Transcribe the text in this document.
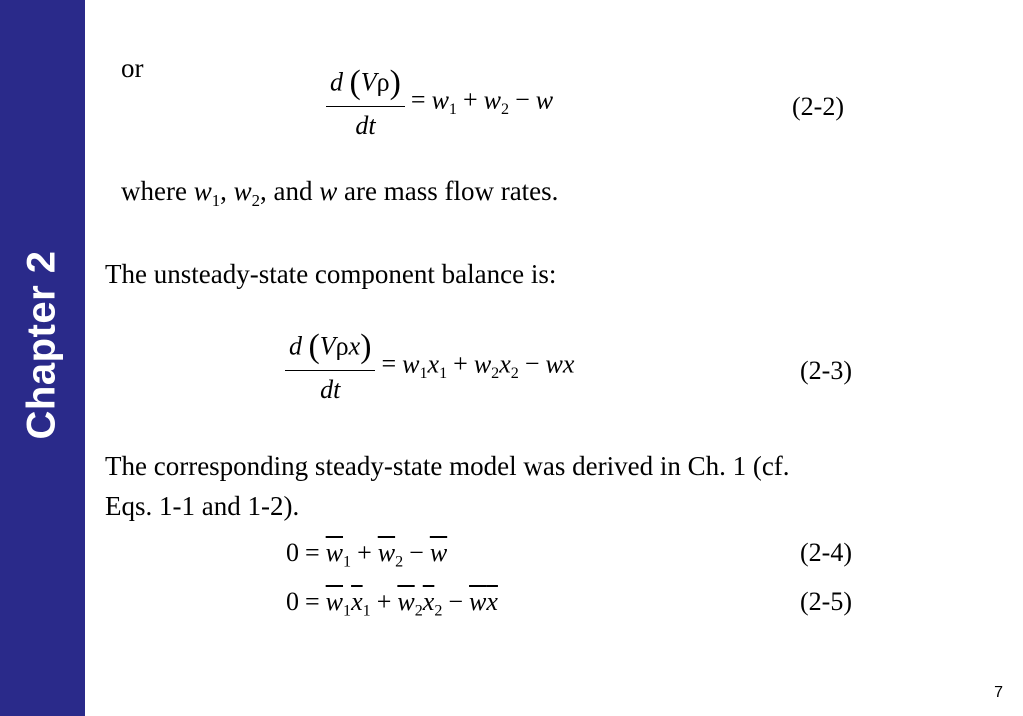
Chapter 2
or	$\frac{d (V\rho)}{dt} = w_1 + w_2 - w$	(2-2)
where $w_1$, $w_2$, and w are mass flow rates.
The unsteady-state component balance is:
$\frac{\text{d (Vρx)}}{dt} = w_1x_1 + w_2x_2$ − wx	(2-3)
The corresponding steady-state model was derived in Ch. 1 (cf.
Eqs. 1-1 and 1-2).
$0 = \overline{w}_1 + \overline{w}_2 - \overline{w}$	(2-4)
$0 = \overline{w}_1\overline{x}_1 + \overline{w}_2\overline{x}_2 - \overline{w}\overline{x}$	(2-5)
7
